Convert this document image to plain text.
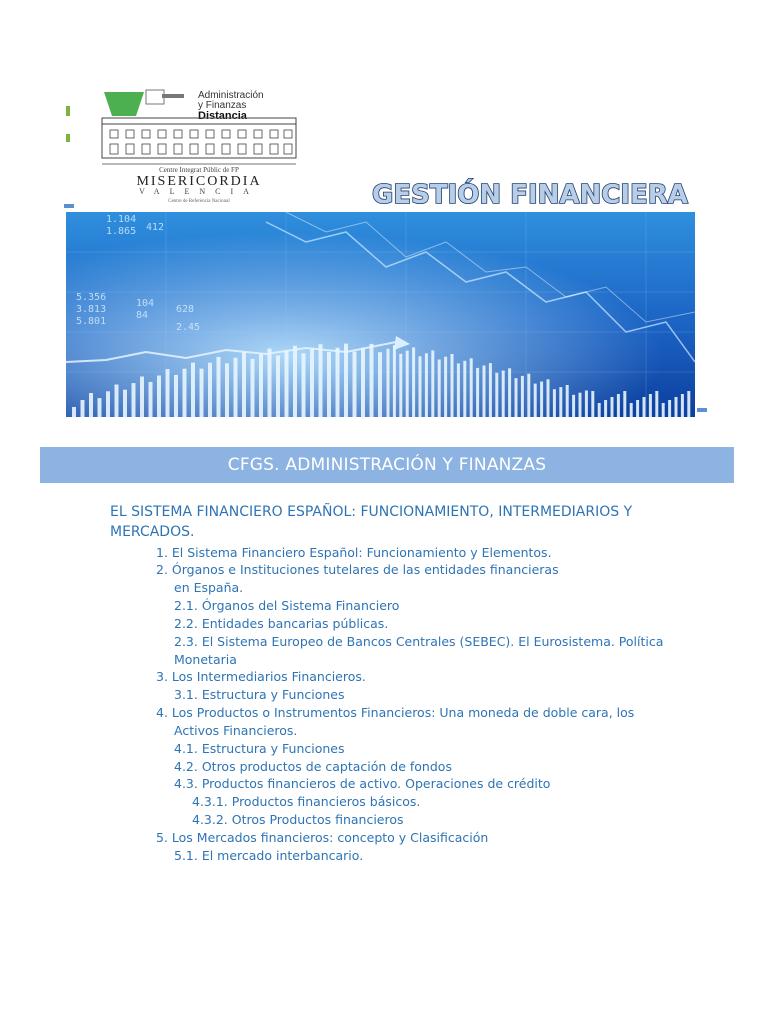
Administración
y Finanzas
Distancia
Centre Integrat Públic de FP
MISERICORDIA
VALENCIA
Centre de Referència Nacional	GESTIÓN FINANCIERA
1.104
1.865
5.356
3.813
5.801
2.45
104
84
628
412
CFGS. ADMINISTRACIÓN Y FINANZAS
EL SISTEMA FINANCIERO ESPAÑOL: FUNCIONAMIENTO, INTERMEDIARIOS Y MERCADOS.
1. El Sistema Financiero Español: Funcionamiento y Elementos.
2. Órganos e Instituciones tutelares de las entidades financieras
en España.
2.1. Órganos del Sistema Financiero
2.2. Entidades bancarias públicas.
2.3. El Sistema Europeo de Bancos Centrales (SEBEC). El Eurosistema. Política
Monetaria
3. Los Intermediarios Financieros.
3.1. Estructura y Funciones
4. Los Productos o Instrumentos Financieros: Una moneda de doble cara, los
Activos Financieros.
4.1. Estructura y Funciones
4.2. Otros productos de captación de fondos
4.3. Productos financieros de activo. Operaciones de crédito
4.3.1. Productos financieros básicos.
4.3.2. Otros Productos financieros
5. Los Mercados financieros: concepto y Clasificación
5.1. El mercado interbancario.
